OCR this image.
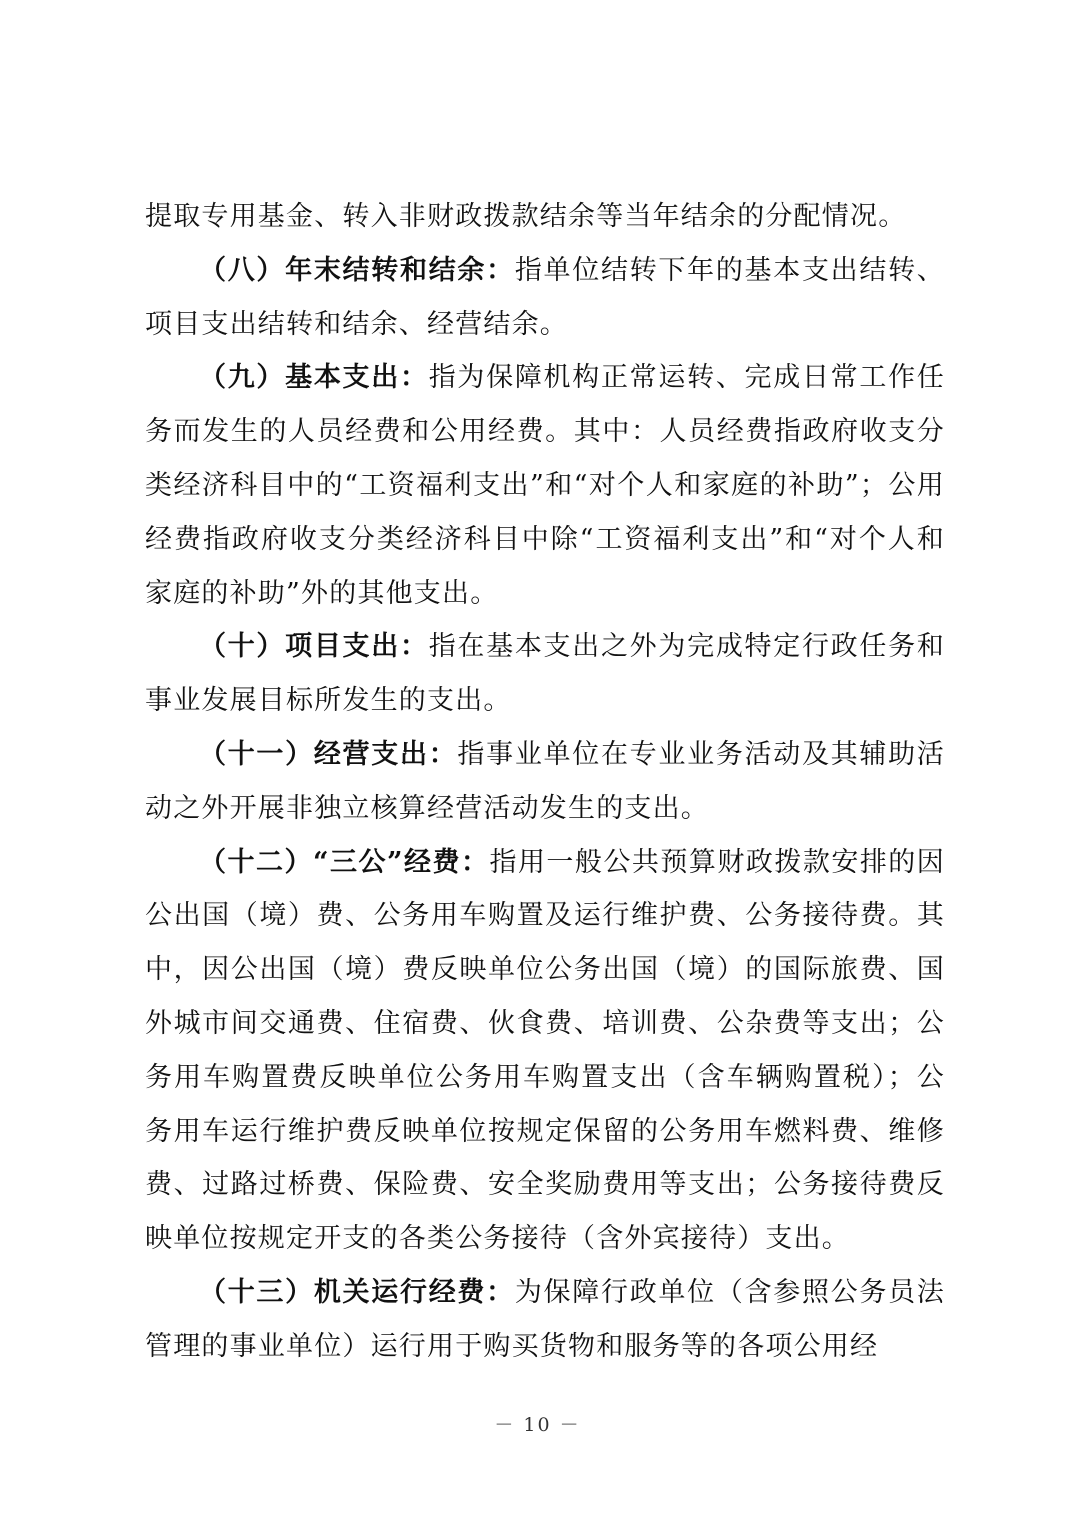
提取专用基金、转入非财政拨款结余等当年结余的分配情况。

（八）年末结转和结余：指单位结转下年的基本支出结转、项目支出结转和结余、经营结余。

（九）基本支出：指为保障机构正常运转、完成日常工作任务而发生的人员经费和公用经费。其中：人员经费指政府收支分类经济科目中的“工资福利支出”和“对个人和家庭的补助”；公用经费指政府收支分类经济科目中除“工资福利支出”和“对个人和家庭的补助”外的其他支出。

（十）项目支出：指在基本支出之外为完成特定行政任务和事业发展目标所发生的支出。

（十一）经营支出：指事业单位在专业业务活动及其辅助活动之外开展非独立核算经营活动发生的支出。

（十二）“三公”经费：指用一般公共预算财政拨款安排的因公出国（境）费、公务用车购置及运行维护费、公务接待费。其中，因公出国（境）费反映单位公务出国（境）的国际旅费、国外城市间交通费、住宿费、伙食费、培训费、公杂费等支出；公务用车购置费反映单位公务用车购置支出（含车辆购置税）；公务用车运行维护费反映单位按规定保留的公务用车燃料费、维修费、过路过桥费、保险费、安全奖励费用等支出；公务接待费反映单位按规定开支的各类公务接待（含外宾接待）支出。

（十三）机关运行经费：为保障行政单位（含参照公务员法管理的事业单位）运行用于购买货物和服务等的各项公用经

－ 10 －
